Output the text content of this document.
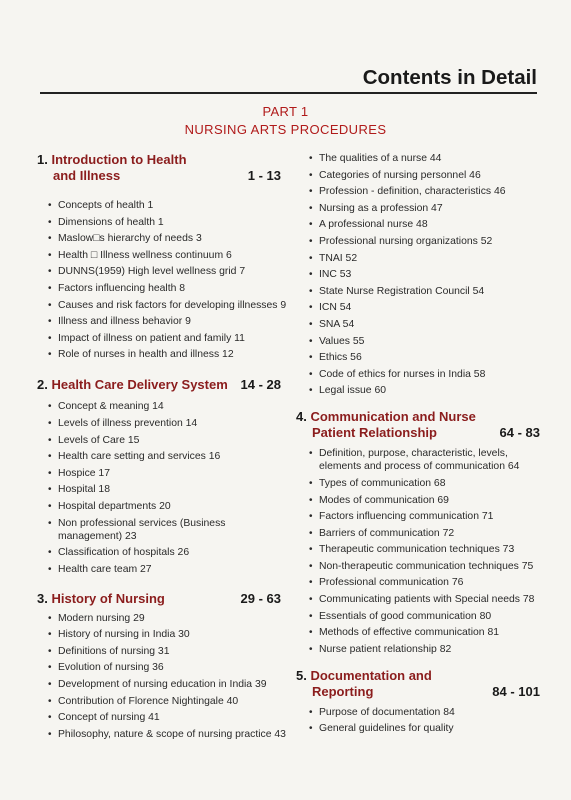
Contents in Detail
PART 1
NURSING ARTS PROCEDURES
1. Introduction to Health
and Illness	1 - 13
• Concepts of health 1
• Dimensions of health 1
• Maslow□s hierarchy of needs 3
• Health □ Illness wellness continuum 6
• DUNNS(1959) High level wellness grid 7
• Factors influencing health 8
• Causes and risk factors for developing illnesses 9
• Illness and illness behavior 9
• Impact of illness on patient and family 11
• Role of nurses in health and illness 12
2. Health Care Delivery System 14 - 28
• Concept & meaning 14
• Levels of illness prevention 14
• Levels of Care 15
• Health care setting and services 16
• Hospice 17
• Hospital 18
• Hospital departments 20
• Non professional services (Business management) 23
• Classification of hospitals 26
• Health care team 27
3. History of Nursing	29 - 63
• Modern nursing 29
• History of nursing in India 30
• Definitions of nursing 31
• Evolution of nursing 36
• Development of nursing education in India 39
• Contribution of Florence Nightingale 40
• Concept of nursing 41
• Philosophy, nature & scope of nursing practice 43
• The qualities of a nurse 44
• Categories of nursing personnel 46
• Profession - definition, characteristics 46
• Nursing as a profession 47
• A professional nurse 48
• Professional nursing organizations 52
• TNAI 52
• INC 53
• State Nurse Registration Council 54
• ICN 54
• SNA 54
• Values 55
• Ethics 56
• Code of ethics for nurses in India 58
• Legal issue 60
4. Communication and Nurse
Patient Relationship	64 - 83
• Definition, purpose, characteristic, levels, elements and process of communication 64
• Types of communication 68
• Modes of communication 69
• Factors influencing communication 71
• Barriers of communication 72
• Therapeutic communication techniques 73
• Non-therapeutic communication techniques 75
• Professional communication 76
• Communicating patients with Special needs 78
• Essentials of good communication 80
• Methods of effective communication 81
• Nurse patient relationship 82
5. Documentation and
Reporting	84 - 101
• Purpose of documentation 84
• General guidelines for quality
